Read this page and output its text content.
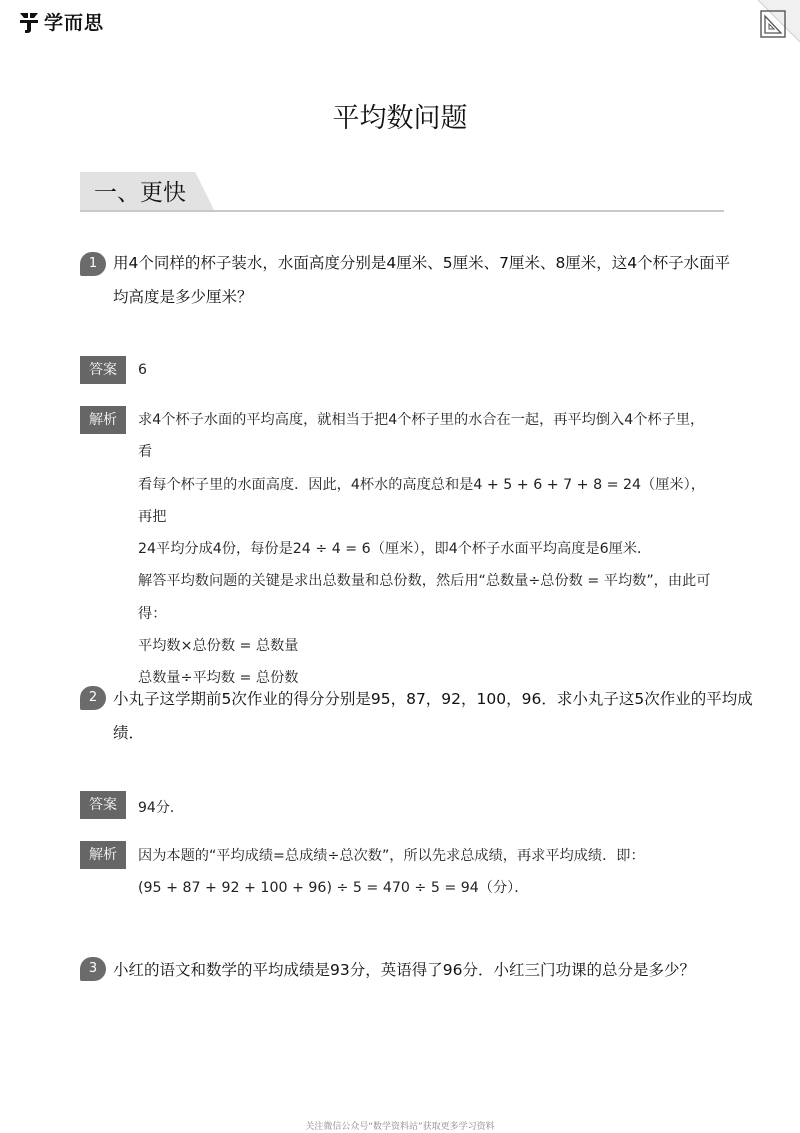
学而思
平均数问题
一、更快
1	用4个同样的杯子装水，水面高度分别是4厘米、5厘米、7厘米、8厘米，这4个杯子水面平
均高度是多少厘米？
答案	6
解析	求4个杯子水面的平均高度，就相当于把4个杯子里的水合在一起，再平均倒入4个杯子里，看

看每个杯子里的水面高度．因此，4杯水的高度总和是4 + 5 + 6 + 7 + 8 = 24（厘米），再把

24平均分成4份，每份是24 ÷ 4 = 6（厘米），即4个杯子水面平均高度是6厘米．

解答平均数问题的关键是求出总数量和总份数，然后用“总数量÷总份数 = 平均数”，由此可

得：

平均数×总份数 = 总数量

总数量÷平均数 = 总份数

2	小丸子这学期前5次作业的得分分别是95，87，92，100，96．求小丸子这5次作业的平均成
绩．
答案	94分．
解析	因为本题的“平均成绩=总成绩÷总次数”，所以先求总成绩，再求平均成绩．即：

(95 + 87 + 92 + 100 + 96) ÷ 5 = 470 ÷ 5 = 94（分）．

3	小红的语文和数学的平均成绩是93分，英语得了96分．小红三门功课的总分是多少？
关注微信公众号“数学资料站”获取更多学习资料
